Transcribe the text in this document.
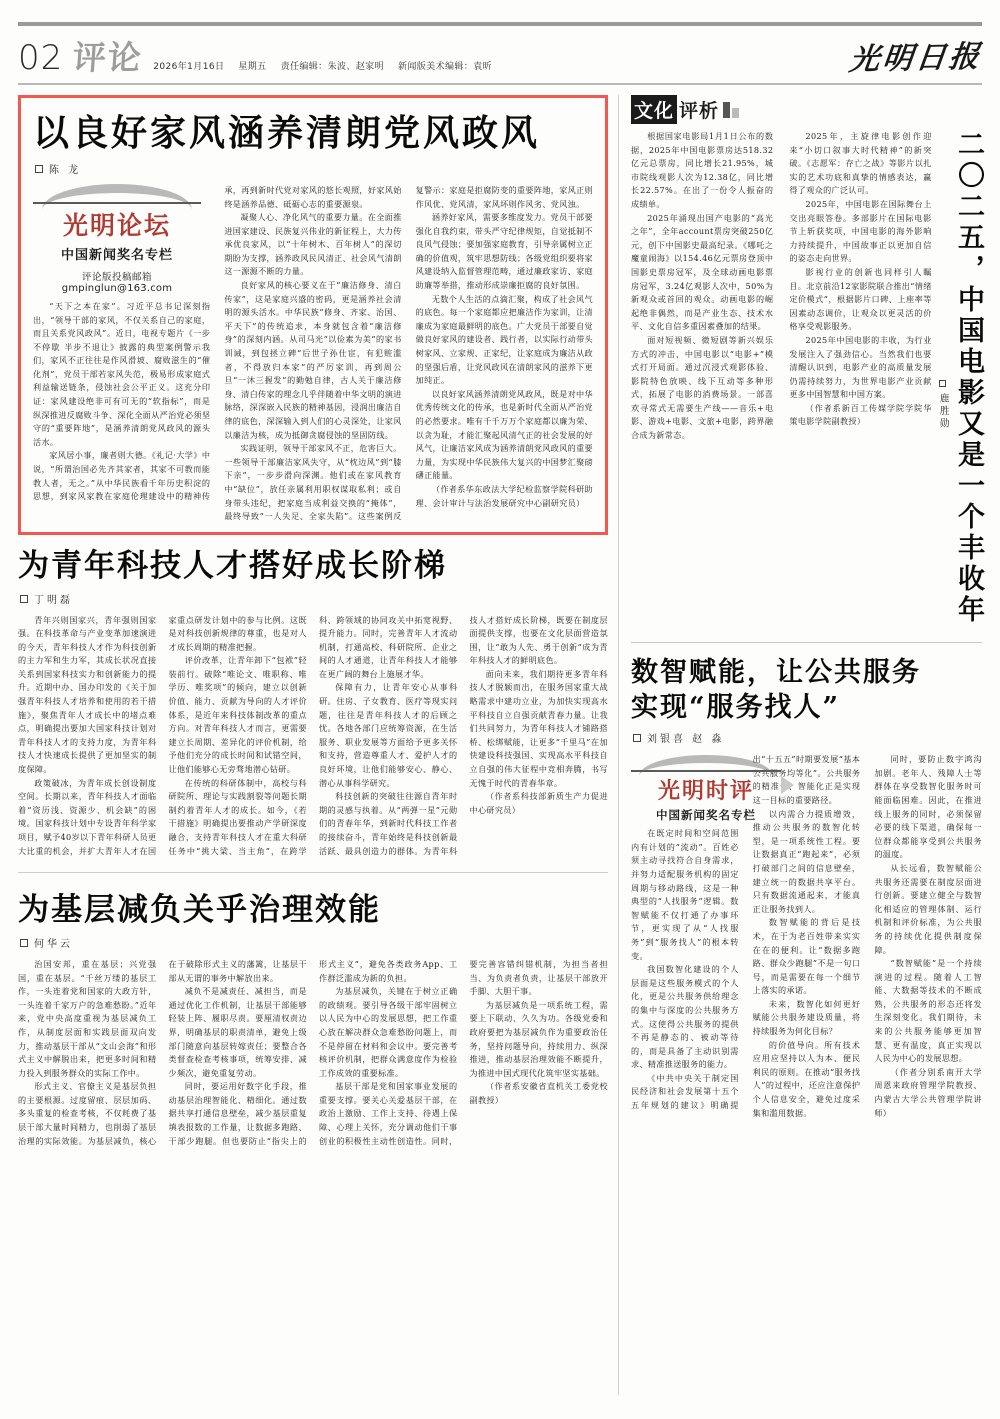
02 评论 2026年1月16日 星期五 责任编辑：朱波、赵家明 新闻版美术编辑：袁昕	光明日报
以良好家风涵养清朗党风政风
陈 龙
光明论坛
中国新闻奖名专栏
评论版投稿邮箱
gmpinglun@163.com

“天下之本在家”。习近平总书记深刻指出，“领导干部的家风，不仅关系自己的家庭，而且关系党风政风”。近日，电视专题片《一步不停歇 半步不退让》披露的典型案例警示我们，家风不正往往是作风滑坡、腐败滋生的“催化剂”，党员干部若家风失范，极易形成家庭式利益输送链条，侵蚀社会公平正义。这充分印证：家风建设绝非可有可无的“软指标”，而是纵深推进反腐败斗争、深化全面从严治党必须坚守的“重要阵地”，是涵养清朗党风政风的源头活水。

家风居小事，廉者则大德。《礼记·大学》中说，“所谓治国必先齐其家者，其家不可教而能教人者，无之。”从中华民族看千年历史积淀的思想，到家风家教在家庭伦理建设中的精神传承，再到新时代党对家风的悠长观照，好家风始终是涵养品德、砥砺心志的重要源泉。

凝聚人心、净化风气的重要力量。在全面推进国家建设、民族复兴伟业的新征程上，大力传承优良家风，以“十年树木、百年树人”的深切期盼为支撑，涵养政风民风清正、社会风气清朗这一源源不断的力量。

良好家风的核心要义在于“廉洁修身、清白传家”，这是家庭兴盛的密码，更是涵养社会清明的源头活水。中华民族“修身、齐家、治国、平天下”的传统追求，本身就包含着“廉洁修身”的深刻内涵。从司马光“以俭素为美”的家书训诫，到包拯立碑“后世子孙仕宦，有犯赃滥者，不得放归本家”的严厉家训，再到周公旦“一沐三握发”的勤勉自律，古人关于廉洁修身、清白传家的理念几乎伴随着中华文明的演进脉络，深深嵌入民族的精神基因，浸润出廉洁自律的底色，深深输入到人们的心灵深处，让家风以廉洁为核，成为抵御贪腐侵蚀的坚固防线。

实践证明，领导干部家风不正，危害巨大。一些领导干部廉洁家风失守，从“枕边风”到“膝下亲”，一步步滑向深渊。他们或在家风教育中“缺位”，放任亲属利用职权谋取私利；或自身带头违纪，把家庭当成利益交换的“掩体”，最终导致“一人失足、全家失陷”。这些案例反复警示：家庭是拒腐防变的重要阵地，家风正则作风优、党风清，家风坏则作风劣、党风浊。

涵养好家风，需要多维度发力。党员干部要强化自我约束，带头严守纪律规矩，自觉抵制不良风气侵蚀；要加强家庭教育，引导亲属树立正确的价值观，筑牢思想防线；各级党组织要将家风建设纳入监督管理范畴，通过廉政家访、家庭助廉等举措，推动形成崇廉拒腐的良好氛围。

无数个人生活的点滴汇聚，构成了社会风气的底色。每一个家庭都应把廉洁作为家训，让清廉成为家庭最鲜明的底色。广大党员干部要自觉做良好家风的建设者、践行者，以实际行动带头树家风、立家规、正家纪，让家庭成为廉洁从政的坚强后盾，让党风政风在清朗家风的滋养下更加纯正。

以良好家风涵养清朗党风政风，既是对中华优秀传统文化的传承，也是新时代全面从严治党的必然要求。唯有千千万万个家庭都以廉为荣、以贪为耻，才能汇聚起风清气正的社会发展的好风气，让廉洁家风成为涵养清朗党风政风的重要力量，为实现中华民族伟大复兴的中国梦汇聚磅礴正能量。

（作者系华东政法大学纪检监察学院科研助理、会计审计与法治发展研究中心副研究员）

为青年科技人才搭好成长阶梯
丁明磊

青年兴则国家兴，青年强则国家强。在科技革命与产业变革加速演进的今天，青年科技人才作为科技创新的主力军和生力军，其成长状况直接关系到国家科技实力和创新能力的提升。近期中办、国办印发的《关于加强青年科技人才培养和使用的若干措施》，聚焦青年人才成长中的堵点难点，明确提出要加大国家科技计划对青年科技人才的支持力度，为青年科技人才快速成长提供了更加坚实的制度保障。

政策破冰，为青年成长创设制度空间。长期以来，青年科技人才面临着“资历浅、资源少、机会缺”的困境。国家科技计划中专设青年科学家项目，赋予40岁以下青年科研人员更大比重的机会，并扩大青年人才在国家重点研发计划中的参与比例。这既是对科技创新规律的尊重，也是对人才成长周期的精准把握。

评价改革，让青年卸下“包袱”轻装前行。破除“唯论文、唯职称、唯学历、唯奖项”的倾向，建立以创新价值、能力、贡献为导向的人才评价体系，是近年来科技体制改革的重点方向。对青年科技人才而言，更需要建立长周期、差异化的评价机制，给予他们充分的成长时间和试错空间，让他们能够心无旁骛地潜心钻研。

在传统的科研体制中，高校与科研院所、理论与实践割裂等问题长期制约着青年人才的成长。如今，《若干措施》明确提出要推动产学研深度融合，支持青年科技人才在重大科研任务中“挑大梁、当主角”，在跨学科、跨领域的协同攻关中拓宽视野、提升能力。同时，完善青年人才流动机制，打通高校、科研院所、企业之间的人才通道，让青年科技人才能够在更广阔的舞台上施展才华。

保障有力，让青年安心从事科研。住房、子女教育、医疗等现实问题，往往是青年科技人才的后顾之忧。各地各部门应统筹资源，在生活服务、职业发展等方面给予更多关怀和支持，营造尊重人才、爱护人才的良好环境，让他们能够安心、静心、潜心从事科学研究。

科技创新的突破往往源自青年时期的灵感与执着。从“两弹一星”元勋们的青春年华，到新时代科技工作者的接续奋斗，青年始终是科技创新最活跃、最具创造力的群体。为青年科技人才搭好成长阶梯，既要在制度层面提供支撑，也要在文化层面营造氛围，让“敢为人先、勇于创新”成为青年科技人才的鲜明底色。

面向未来，我们期待更多青年科技人才脱颖而出，在服务国家重大战略需求中建功立业，为加快实现高水平科技自立自强贡献青春力量。让我们共同努力，为青年科技人才铺路搭桥、松绑赋能，让更多“千里马”在加快建设科技强国、实现高水平科技自立自强的伟大征程中竞相奔腾，书写无愧于时代的青春华章。

（作者系科技部新质生产力促进中心研究员）

为基层减负关乎治理效能
何华云

治国安邦，重在基层；兴党强国，重在基层。“千丝万缕的基层工作，一头连着党和国家的大政方针，一头连着千家万户的急难愁盼。”近年来，党中央高度重视为基层减负工作，从制度层面和实践层面双向发力，推动基层干部从“文山会海”和形式主义中解脱出来，把更多时间和精力投入到服务群众的实际工作中。

形式主义、官僚主义是基层负担的主要根源。过度留痕、层层加码、多头重复的检查考核，不仅耗费了基层干部大量时间精力，也削弱了基层治理的实际效能。为基层减负，核心在于破除形式主义的藩篱，让基层干部从无谓的事务中解放出来。

减负不是减责任、减担当，而是通过优化工作机制，让基层干部能够轻装上阵、履职尽责。要厘清权责边界，明确基层的职责清单，避免上级部门随意向基层转嫁责任；要整合各类督查检查考核事项，统筹安排、减少频次，避免重复劳动。

同时，要运用好数字化手段，推动基层治理智能化、精细化。通过数据共享打通信息壁垒，减少基层重复填表报数的工作量，让数据多跑路、干部少跑腿。但也要防止“指尖上的形式主义”，避免各类政务App、工作群泛滥成为新的负担。

为基层减负，关键在于树立正确的政绩观。要引导各级干部牢固树立以人民为中心的发展思想，把工作重心放在解决群众急难愁盼问题上，而不是停留在材料和会议中。要完善考核评价机制，把群众满意度作为检验工作成效的重要标准。

基层干部是党和国家事业发展的重要支撑。要关心关爱基层干部，在政治上激励、工作上支持、待遇上保障、心理上关怀，充分调动他们干事创业的积极性主动性创造性。同时，要完善容错纠错机制，为担当者担当、为负责者负责，让基层干部放开手脚、大胆干事。

为基层减负是一项系统工程，需要上下联动、久久为功。各级党委和政府要把为基层减负作为重要政治任务，坚持问题导向，持续用力、纵深推进，推动基层治理效能不断提升，为推进中国式现代化筑牢坚实基础。

（作者系安徽省直机关工委党校副教授）

文化 评析
二〇二五，中国电影又是一个丰收年
鹿胜勋

根据国家电影局1月1日公布的数据，2025年中国电影票房达518.32亿元总票房，同比增长21.95%，城市院线观影人次为12.38亿，同比增长22.57%。在出了一份令人振奋的成绩单。

2025年涌现出国产电影的“高光之年”，全年account票房突破250亿元，创下中国影史最高纪录。《哪吒之魔童闹海》以154.46亿元票房登顶中国影史票房冠军，及全球动画电影票房冠军，3.24亿观影人次中，50%为新观众或首回的观众。动画电影的崛起绝非偶然，而是产业生态、技术水平、文化自信多重因素叠加的结果。

面对短视频、微短剧等新兴娱乐方式的冲击，中国电影以“电影+”模式打开局面。通过沉浸式观影体验、影院特色放映、线下互动等多种形式，拓展了电影的消费场景。一部喜欢寻常式无需要生产线——音乐+电影、游戏+电影、文旅+电影，跨界融合成为新常态。

2025年，主旋律电影创作迎来“小切口叙事大时代精神”的新突破。《志愿军：存亡之战》等影片以扎实的艺术功底和真挚的情感表达，赢得了观众的广泛认可。

2025年，中国电影在国际舞台上交出亮眼答卷。多部影片在国际电影节上斩获奖项，中国电影的海外影响力持续提升，中国故事正以更加自信的姿态走向世界。

影视行业的创新也同样引人瞩目。北京前沿12家影院联合推出“情绪定价模式”，根据影片口碑、上座率等因素动态调价，让观众以更灵活的价格享受观影服务。

2025年中国电影的丰收，为行业发展注入了强劲信心。当然我们也要清醒认识到，电影产业的高质量发展仍需持续努力，为世界电影产业贡献更多中国智慧和中国方案。

（作者系新百工传媒学院学院华策电影学院副教授）

数智赋能，让公共服务
实现“服务找人”
刘银喜 赵 淼
光明时评
中国新闻奖名专栏

在既定时间和空间范围内有计划的“流动”。百姓必须主动寻找符合自身需求，并努力适配服务机构的固定周期与移动路线，这是一种典型的“人找服务”逻辑。数智赋能不仅打通了办事环节，更实现了从“人找服务”到“服务找人”的根本转变。

我国数智化建设的个人层面是这些服务模式的个人化，更是公共服务供给理念的集中与深度的公共服务方式。这使得公共服务的提供不再是静态的、被动等待的，而是具备了主动识别需求、精准推送服务的能力。

《中共中央关于制定国民经济和社会发展第十五个五年规划的建议》明确提出“十五五”时期要发展“基本公共服务均等化”。公共服务的精准化、智能化正是实现这一目标的重要路径。

以内需合力提质增效，推动公共服务的数智化转型，是一项系统性工程。要让数据真正“跑起来”，必须打破部门之间的信息壁垒，建立统一的数据共享平台。只有数据流通起来，才能真正让服务找到人。

数智赋能的背后是技术，在于为老百姓带来实实在在的便利。让“数据多跑路、群众少跑腿”不是一句口号，而是需要在每一个细节上落实的承诺。

未来，数智化如何更好赋能公共服务建设质量，将持续服务为何化目标？

的价值导向。所有技术应用应坚持以人为本、便民利民的原则。在推动“服务找人”的过程中，还应注意保护个人信息安全，避免过度采集和滥用数据。

同时，要防止数字鸿沟加剧。老年人、残障人士等群体在享受数智化服务时可能面临困难。因此，在推进线上服务的同时，必须保留必要的线下渠道，确保每一位群众都能享受到公共服务的温度。

从长远看，数智赋能公共服务还需要在制度层面进行创新。要建立健全与数智化相适应的管理体制、运行机制和评价标准，为公共服务的持续优化提供制度保障。

“数智赋能”是一个持续演进的过程。随着人工智能、大数据等技术的不断成熟，公共服务的形态还将发生深刻变化。我们期待，未来的公共服务能够更加智慧、更有温度，真正实现以人民为中心的发展思想。

（作者分别系南开大学周恩来政府管理学院教授、内蒙古大学公共管理学院讲师）
